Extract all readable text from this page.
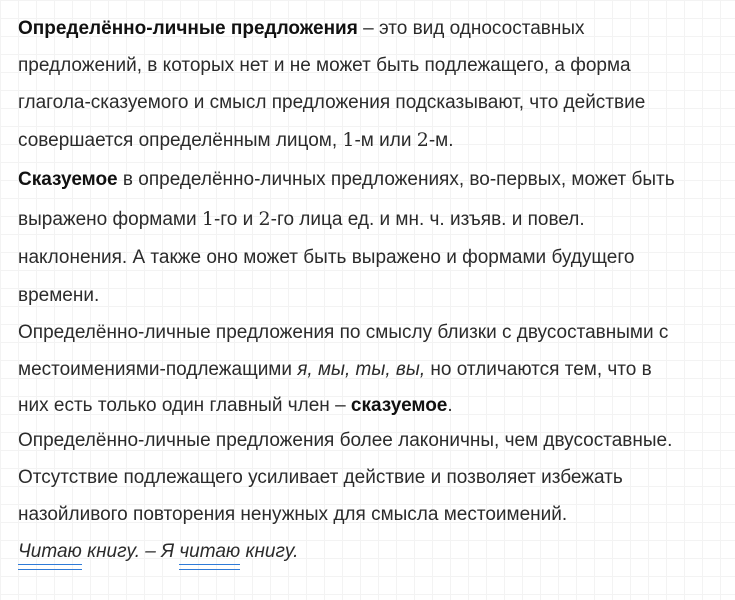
Определённо-личные предложения – это вид односоставных
предложений, в которых нет и не может быть подлежащего, а форма
глагола-сказуемого и смысл предложения подсказывают, что действие
совершается определённым лицом, 1-м или 2-м.
Сказуемое в определённо-личных предложениях, во-первых, может быть
выражено формами 1-го и 2-го лица ед. и мн. ч. изъяв. и повел.
наклонения. А также оно может быть выражено и формами будущего
времени.
Определённо-личные предложения по смыслу близки с двусоставными с
местоимениями-подлежащими я, мы, ты, вы, но отличаются тем, что в
них есть только один главный член – сказуемое.
Определённо-личные предложения более лаконичны, чем двусоставные.
Отсутствие подлежащего усиливает действие и позволяет избежать
назойливого повторения ненужных для смысла местоимений.
Читаю книгу. – Я читаю книгу.
